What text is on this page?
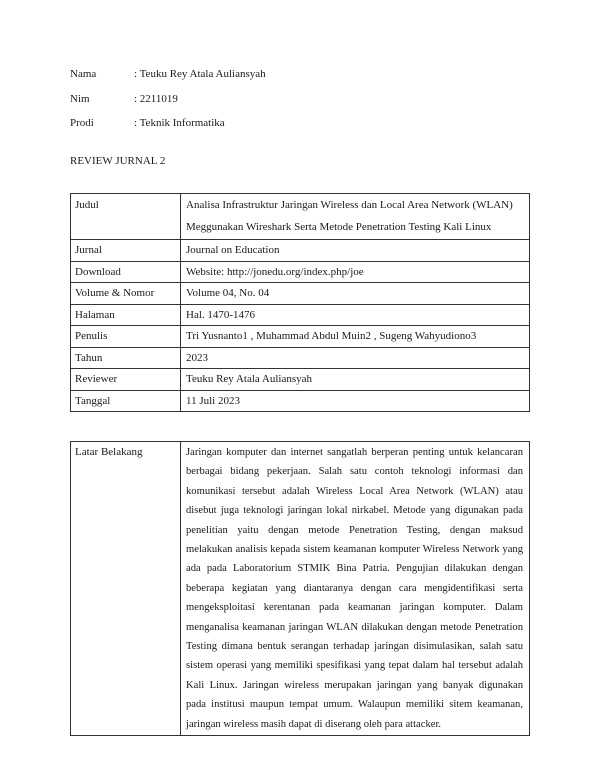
Nama	: Teuku Rey Atala Auliansyah
Nim	: 2211019
Prodi	: Teknik Informatika
REVIEW JURNAL 2
Judul	Analisa Infrastruktur Jaringan Wireless dan Local Area Network (WLAN) Meggunakan Wireshark Serta Metode Penetration Testing Kali Linux
Jurnal	Journal on Education
Download	Website: http://jonedu.org/index.php/joe
Volume & Nomor	Volume 04, No. 04
Halaman	Hal. 1470-1476
Penulis	Tri Yusnanto1 , Muhammad Abdul Muin2 , Sugeng Wahyudiono3
Tahun	2023
Reviewer	Teuku Rey Atala Auliansyah
Tanggal	11 Juli 2023
Latar Belakang	Jaringan komputer dan internet sangatlah berperan penting untuk kelancaran berbagai bidang pekerjaan. Salah satu contoh teknologi informasi dan komunikasi tersebut adalah Wireless Local Area Network (WLAN) atau disebut juga teknologi jaringan lokal nirkabel. Metode yang digunakan pada penelitian yaitu dengan metode Penetration Testing, dengan maksud melakukan analisis kepada sistem keamanan komputer Wireless Network yang ada pada Laboratorium STMIK Bina Patria. Pengujian dilakukan dengan beberapa kegiatan yang diantaranya dengan cara mengidentifikasi serta mengeksploitasi kerentanan pada keamanan jaringan komputer. Dalam menganalisa keamanan jaringan WLAN dilakukan dengan metode Penetration Testing dimana bentuk serangan terhadap jaringan disimulasikan, salah satu sistem operasi yang memiliki spesifikasi yang tepat dalam hal tersebut adalah Kali Linux. Jaringan wireless merupakan jaringan yang banyak digunakan pada institusi maupun tempat umum. Walaupun memiliki sitem keamanan, jaringan wireless masih dapat di diserang oleh para attacker.
